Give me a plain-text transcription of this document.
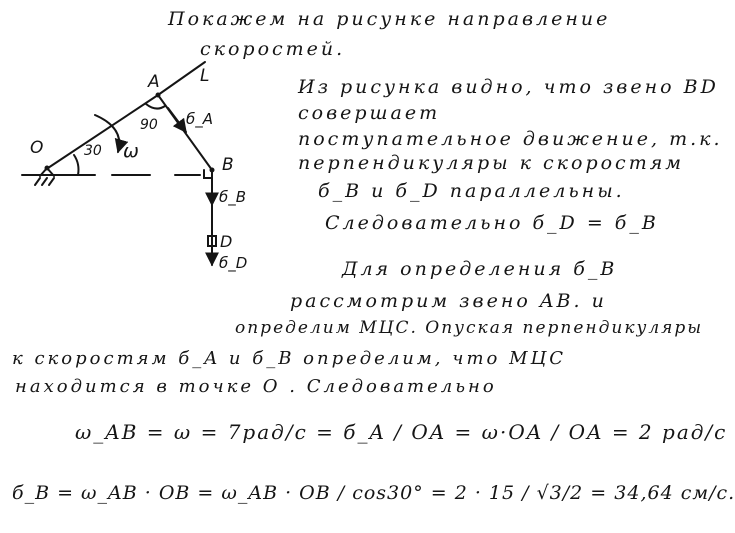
Покажем на рисунке направление
скоростей.
O
A L
B
D
30
90
ω
б_A
б_B
б_D
Из рисунка видно, что звено BD
совершает
поступательное движение, т.к.
перпендикуляры к скоростям
б_B и б_D параллельны.
Следовательно б_D = б_B
Для определения б_B
рассмотрим звено AB. и
определим МЦС. Опуская перпендикуляры
к скоростям б_A и б_B определим, что МЦС
находится в точке O . Следовательно
ω_AB = ω = 7рад/с = б_A / OA = ω·OA / OA = 2 рад/с
б_B = ω_AB · OB = ω_AB · OB / cos30° = 2 · 15 / √3/2 = 34,64 см/с.
